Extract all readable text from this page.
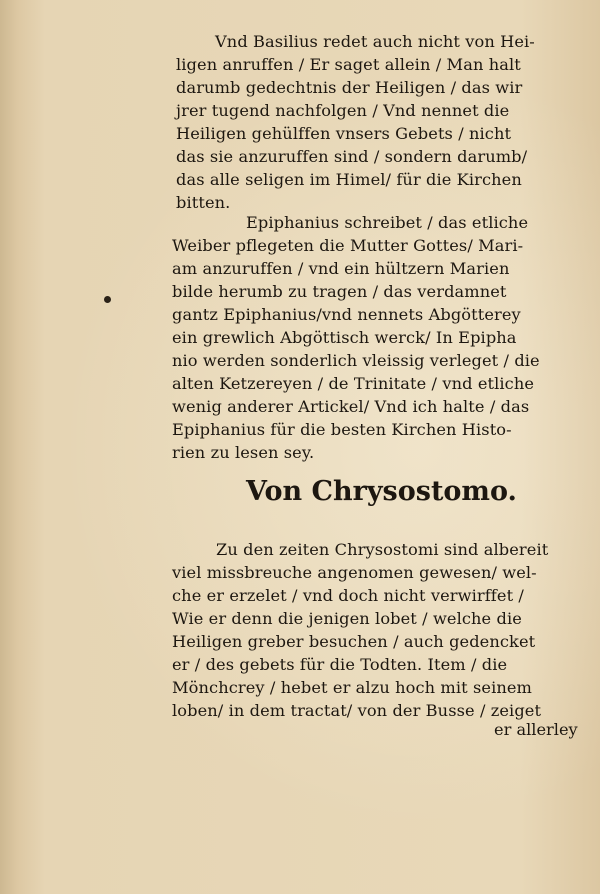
Vnd Basilius redet auch nicht von Hei-
ligen anruffen / Er saget allein / Man halt
darumb gedechtnis der Heiligen / das wir
jrer tugend nachfolgen / Vnd nennet die
Heiligen gehülffen vnsers Gebets / nicht
das sie anzuruffen sind / sondern darumb/
das alle seligen im Himel/ für die Kirchen
bitten.
Epiphanius schreibet / das etliche
Weiber pflegeten die Mutter Gottes/ Mari-
am anzuruffen / vnd ein hültzern Marien
bilde herumb zu tragen / das verdamnet
gantz Epiphanius/vnd nennets Abgötterey
ein grewlich Abgöttisch werck/ In Epipha
nio werden sonderlich vleissig verleget / die
alten Ketzereyen / de Trinitate / vnd etliche
wenig anderer Artickel/ Vnd ich halte / das
Epiphanius für die besten Kirchen Histo-
rien zu lesen sey.
Von Chrysostomo.
Zu den zeiten Chrysostomi sind albereit
viel missbreuche angenomen gewesen/ wel-
che er erzelet / vnd doch nicht verwirffet /
Wie er denn die jenigen lobet / welche die
Heiligen greber besuchen / auch gedencket
er / des gebets für die Todten. Item / die
Mönchcrey / hebet er alzu hoch mit seinem
loben/ in dem tractat/ von der Busse / zeiget
er allerley
